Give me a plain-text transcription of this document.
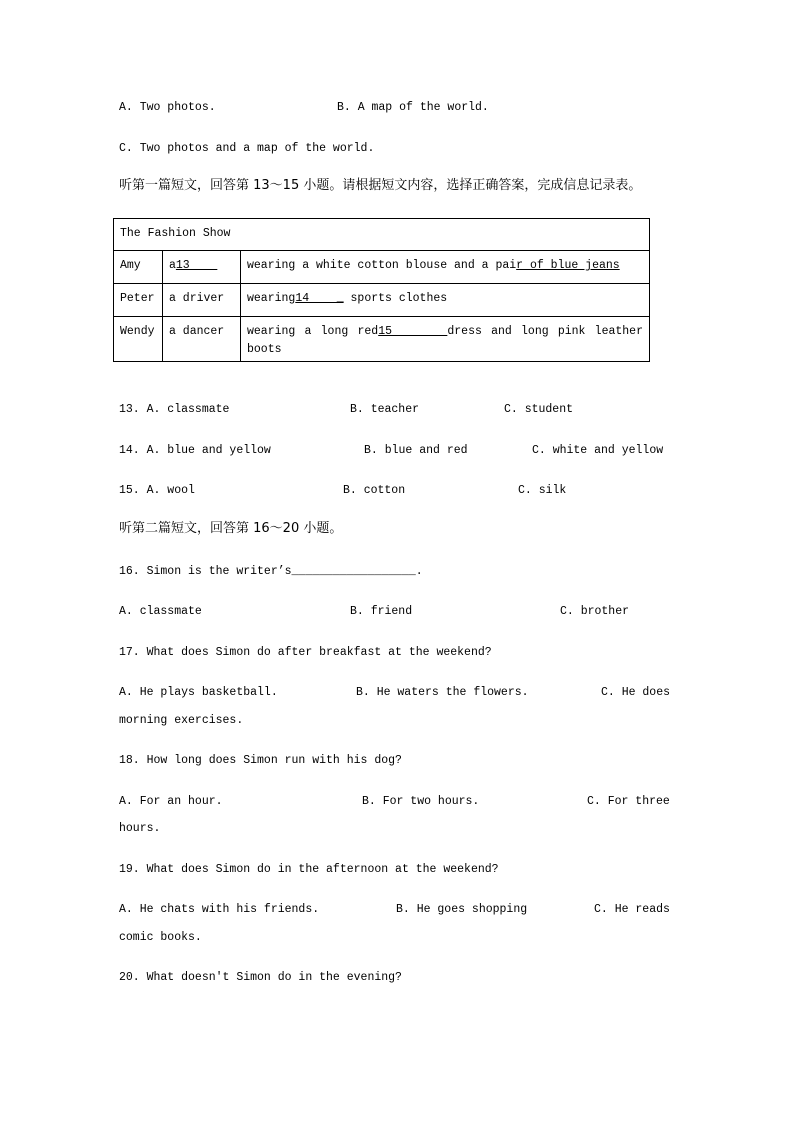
A. Two photos.	B. A map of the world.
C. Two photos and a map of the world.
听第一篇短文，回答第 13～15 小题。请根据短文内容，选择正确答案，完成信息记录表。
The Fashion Show		
Amy	a13	wearing a white cotton blouse and a pair of blue jeans
Peter	a driver	wearing14    _ sports clothes
Wendy	a dancer	wearing a long red15      dress and long pink leather boots
13. A. classmate	B. teacher	C. student
14. A. blue and yellow	B. blue and red	C. white and yellow
15. A. wool	B. cotton	C. silk
听第二篇短文，回答第 16～20 小题。
16. Simon is the writer’s__________________.
A. classmate	B. friend	C. brother
17. What does Simon do after breakfast at the weekend?
A. He plays basketball.	B. He waters the flowers.	C. He does
morning exercises.
18. How long does Simon run with his dog?
A. For an hour.	B. For two hours.	C. For three
hours.
19. What does Simon do in the afternoon at the weekend?
A. He chats with his friends.	B. He goes shopping	C. He reads
comic books.
20. What doesn't Simon do in the evening?
